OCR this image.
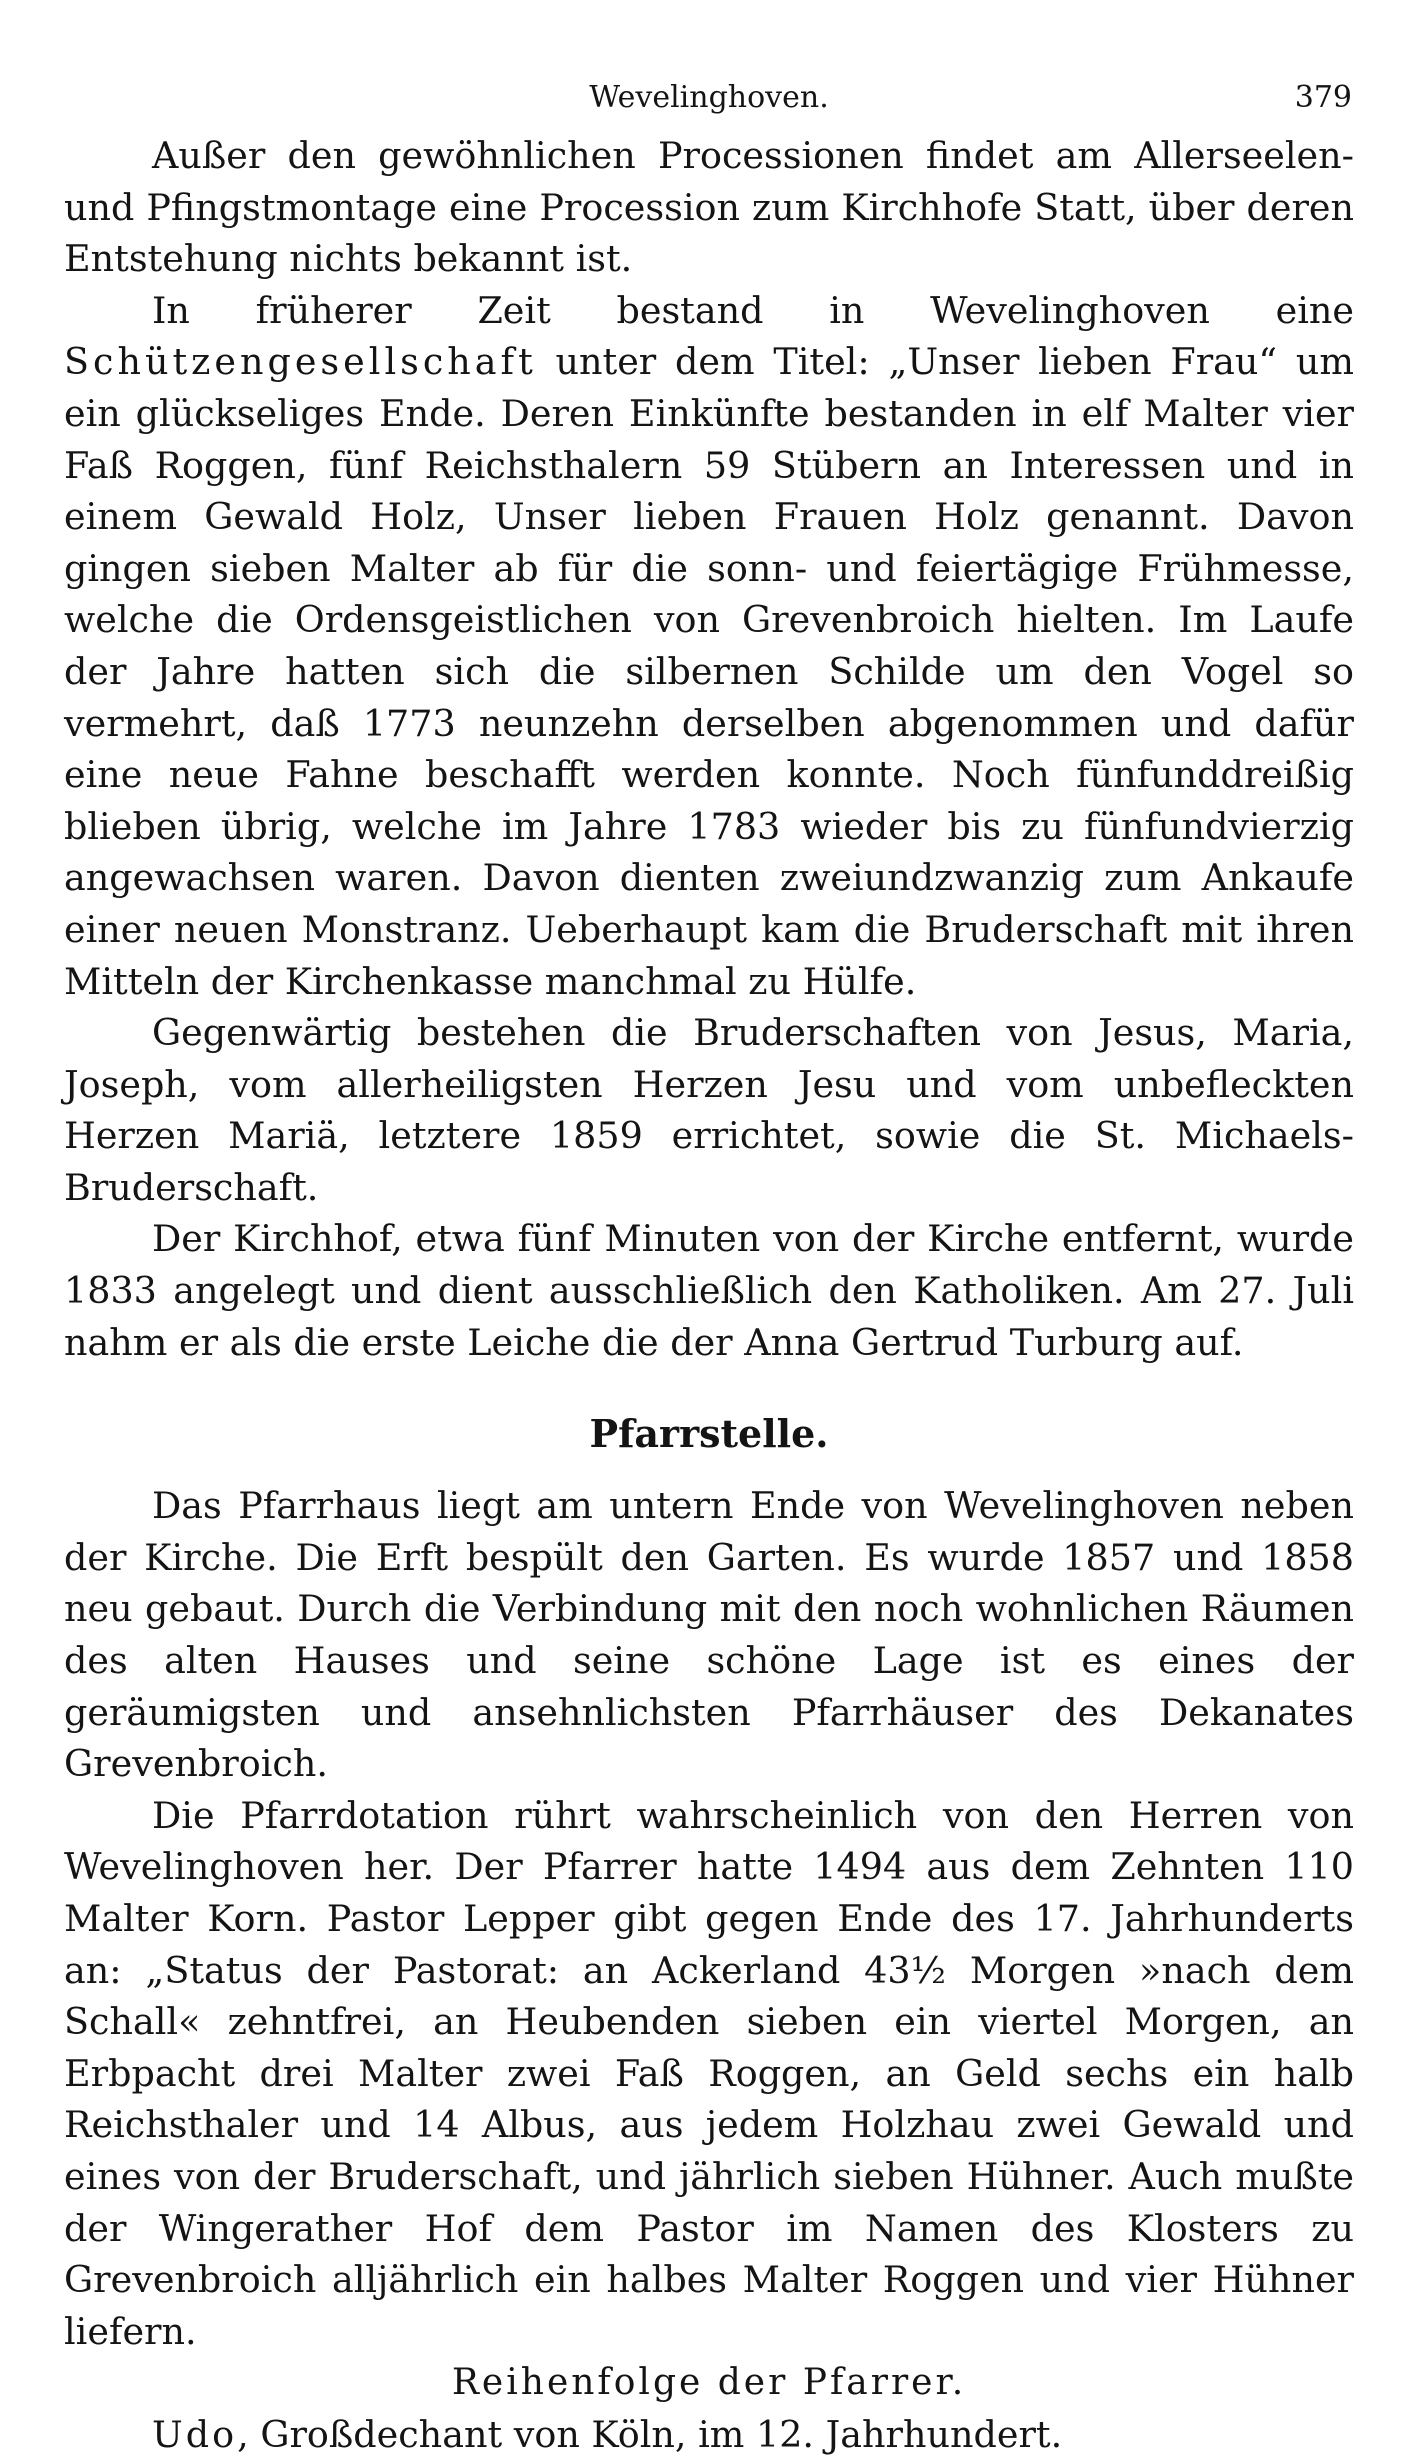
Wevelinghoven.	379

Außer den gewöhnlichen Processionen findet am Allerseelen- und Pfingstmontage eine Procession zum Kirchhofe Statt, über deren Entstehung nichts bekannt ist.

In früherer Zeit bestand in Wevelinghoven eine Schützengesellschaft unter dem Titel: „Unser lieben Frau“ um ein glückseliges Ende. Deren Einkünfte bestanden in elf Malter vier Faß Roggen, fünf Reichsthalern 59 Stübern an Interessen und in einem Gewald Holz, Unser lieben Frauen Holz genannt. Davon gingen sieben Malter ab für die sonn- und feiertägige Frühmesse, welche die Ordensgeistlichen von Grevenbroich hielten. Im Laufe der Jahre hatten sich die silbernen Schilde um den Vogel so vermehrt, daß 1773 neunzehn derselben abgenommen und dafür eine neue Fahne beschafft werden konnte. Noch fünfunddreißig blieben übrig, welche im Jahre 1783 wieder bis zu fünfundvierzig angewachsen waren. Davon dienten zweiundzwanzig zum Ankaufe einer neuen Monstranz. Ueberhaupt kam die Bruderschaft mit ihren Mitteln der Kirchenkasse manchmal zu Hülfe.

Gegenwärtig bestehen die Bruderschaften von Jesus, Maria, Joseph, vom allerheiligsten Herzen Jesu und vom unbefleckten Herzen Mariä, letztere 1859 errichtet, sowie die St. Michaels-Bruderschaft.

Der Kirchhof, etwa fünf Minuten von der Kirche entfernt, wurde 1833 angelegt und dient ausschließlich den Katholiken. Am 27. Juli nahm er als die erste Leiche die der Anna Gertrud Turburg auf.

Pfarrstelle.

Das Pfarrhaus liegt am untern Ende von Wevelinghoven neben der Kirche. Die Erft bespült den Garten. Es wurde 1857 und 1858 neu gebaut. Durch die Verbindung mit den noch wohnlichen Räumen des alten Hauses und seine schöne Lage ist es eines der geräumigsten und ansehnlichsten Pfarrhäuser des Dekanates Grevenbroich.

Die Pfarrdotation rührt wahrscheinlich von den Herren von Wevelinghoven her. Der Pfarrer hatte 1494 aus dem Zehnten 110 Malter Korn. Pastor Lepper gibt gegen Ende des 17. Jahrhunderts an: „Status der Pastorat: an Ackerland 43½ Morgen »nach dem Schall« zehntfrei, an Heubenden sieben ein viertel Morgen, an Erbpacht drei Malter zwei Faß Roggen, an Geld sechs ein halb Reichsthaler und 14 Albus, aus jedem Holzhau zwei Gewald und eines von der Bruderschaft, und jährlich sieben Hühner. Auch mußte der Wingerather Hof dem Pastor im Namen des Klosters zu Grevenbroich alljährlich ein halbes Malter Roggen und vier Hühner liefern.

Reihenfolge der Pfarrer.
Udo, Großdechant von Köln, im 12. Jahrhundert.
